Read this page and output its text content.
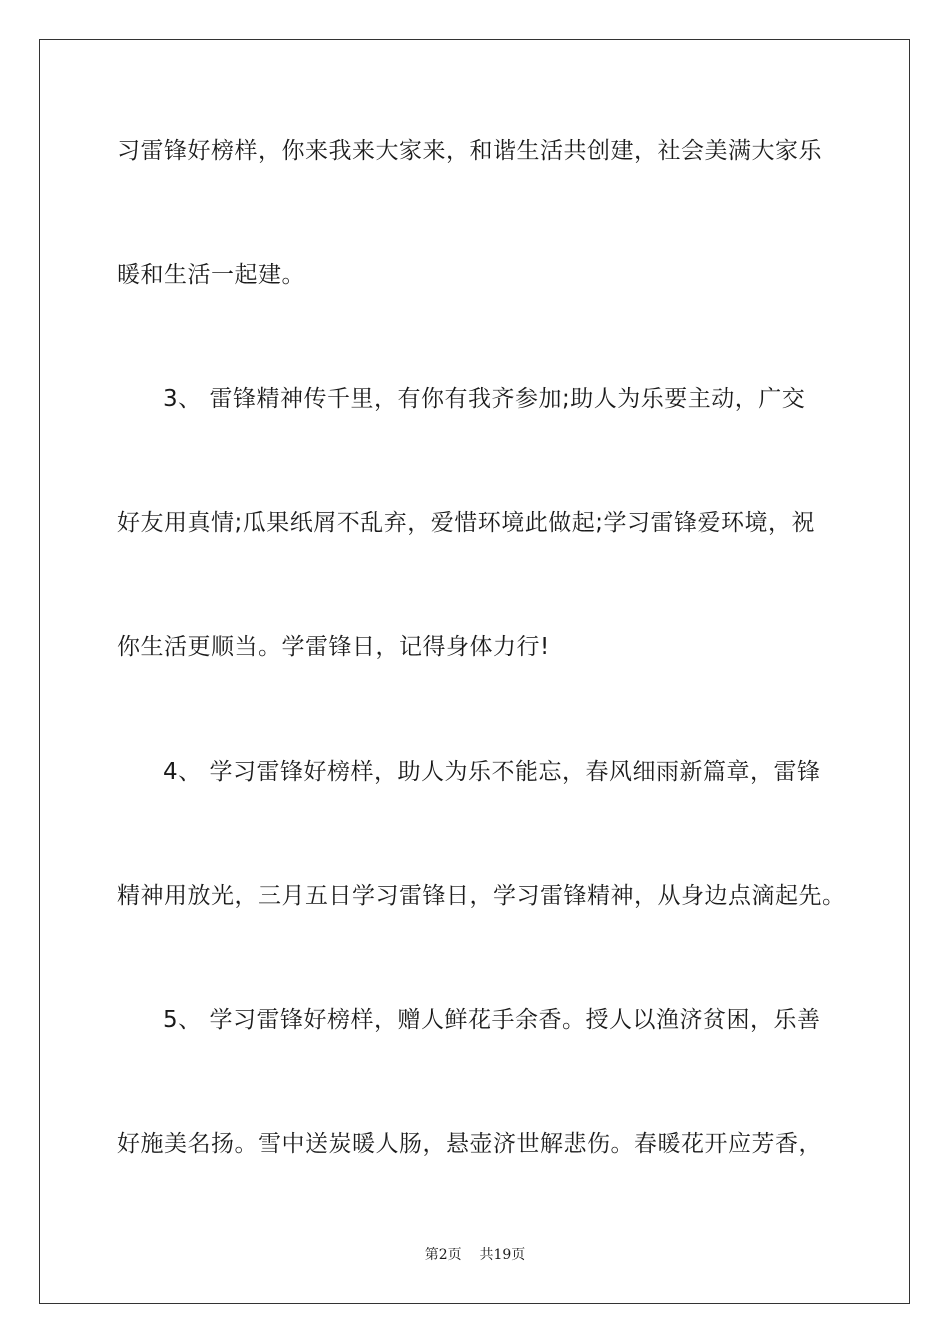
习雷锋好榜样，你来我来大家来，和谐生活共创建，社会美满大家乐
暖和生活一起建。
3、 雷锋精神传千里，有你有我齐参加;助人为乐要主动，广交
好友用真情;瓜果纸屑不乱弃，爱惜环境此做起;学习雷锋爱环境，祝
你生活更顺当。学雷锋日，记得身体力行!
4、 学习雷锋好榜样，助人为乐不能忘，春风细雨新篇章，雷锋
精神用放光，三月五日学习雷锋日，学习雷锋精神，从身边点滴起先。
5、 学习雷锋好榜样，赠人鲜花手余香。授人以渔济贫困，乐善
好施美名扬。雪中送炭暖人肠，悬壶济世解悲伤。春暖花开应芳香，
第2页 共19页
